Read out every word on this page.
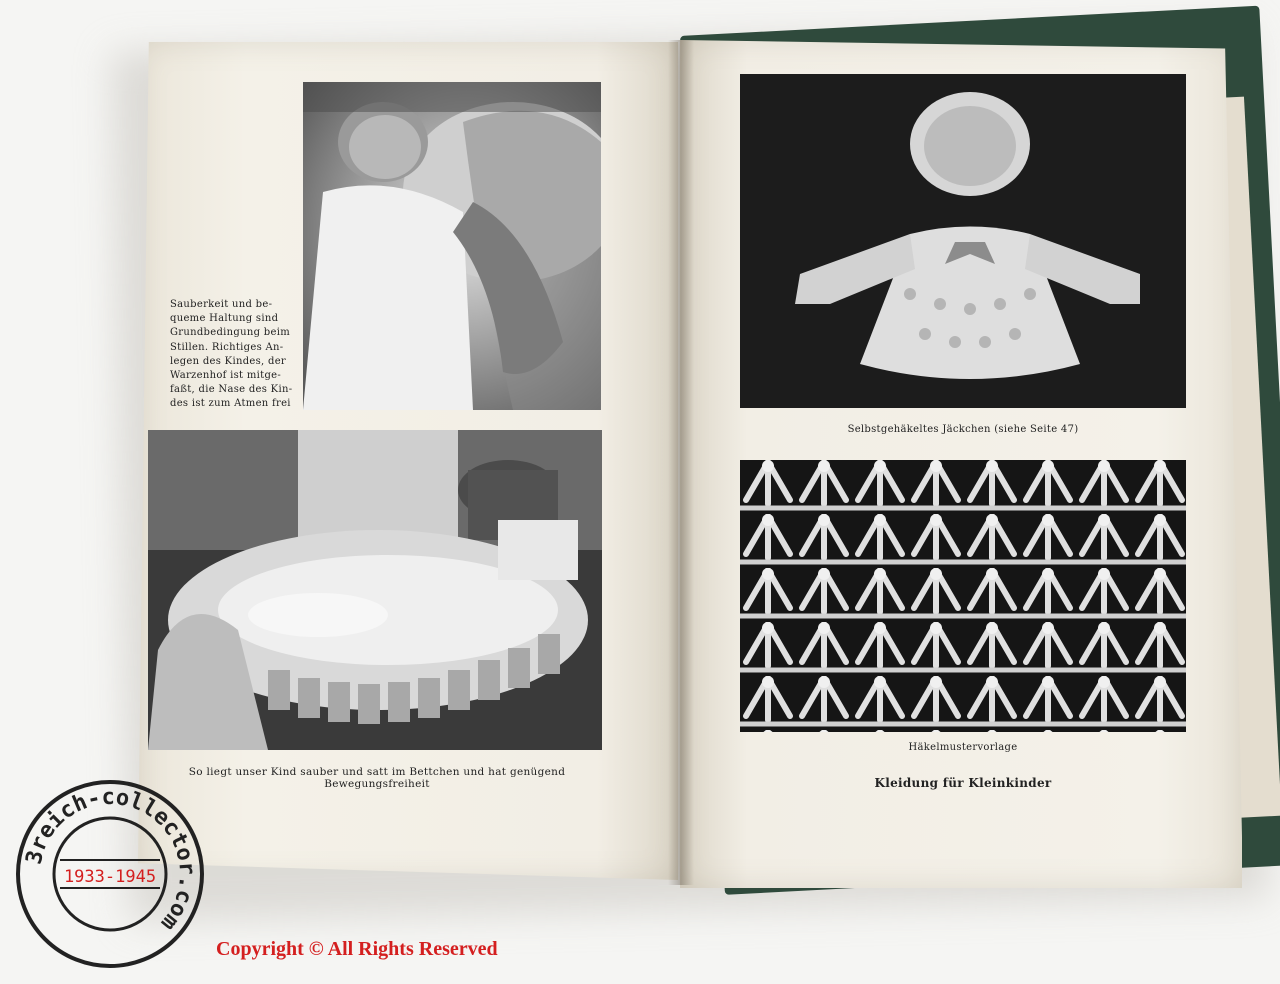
Sauberkeit und be-
queme Haltung sind
Grundbedingung beim
Stillen. Richtiges An-
legen des Kindes, der
Warzenhof ist mitge-
faßt, die Nase des Kin-
des ist zum Atmen frei
So liegt unser Kind sauber und satt im Bettchen und hat genügend Bewegungsfreiheit
Selbstgehäkeltes Jäckchen (siehe Seite 47)
Häkelmustervorlage
Kleidung für Kleinkinder
3reich-collector.com
1933-1945
Copyright © All Rights Reserved
